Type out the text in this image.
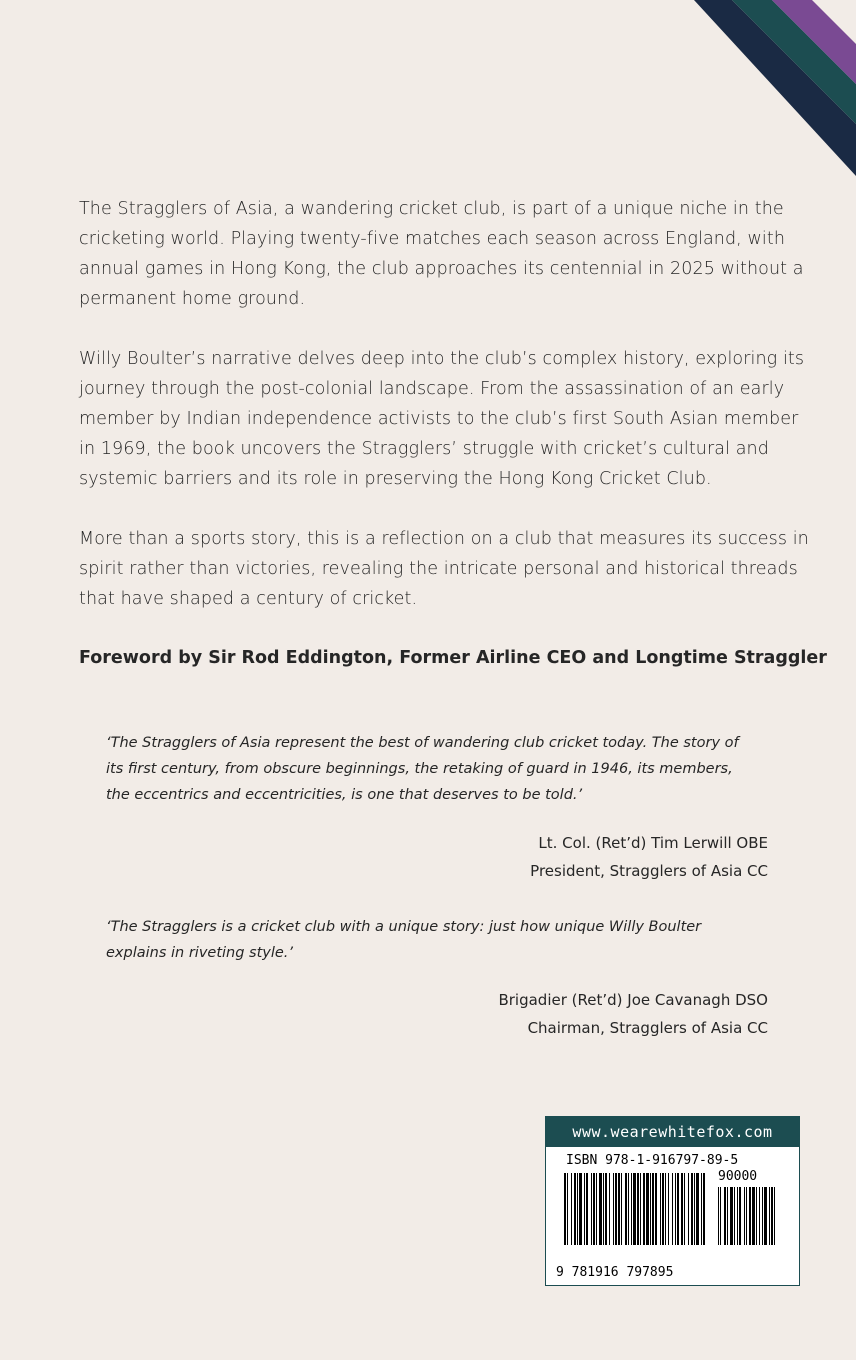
The Stragglers of Asia, a wandering cricket club, is part of a unique niche in the cricketing world. Playing twenty-five matches each season across England, with annual games in Hong Kong, the club approaches its centennial in 2025 without a permanent home ground.
Willy Boulter’s narrative delves deep into the club’s complex history, exploring its journey through the post-colonial landscape. From the assassination of an early member by Indian independence activists to the club’s first South Asian member in 1969, the book uncovers the Stragglers’ struggle with cricket’s cultural and systemic barriers and its role in preserving the Hong Kong Cricket Club.
More than a sports story, this is a reflection on a club that measures its success in spirit rather than victories, revealing the intricate personal and historical threads that have shaped a century of cricket.
Foreword by Sir Rod Eddington, Former Airline CEO and Longtime Straggler
‘The Stragglers of Asia represent the best of wandering club cricket today. The story of its first century, from obscure beginnings, the retaking of guard in 1946, its members, the eccentrics and eccentricities, is one that deserves to be told.’
Lt. Col. (Ret’d) Tim Lerwill OBE
President, Stragglers of Asia CC
‘The Stragglers is a cricket club with a unique story: just how unique Willy Boulter explains in riveting style.’
Brigadier (Ret’d) Joe Cavanagh DSO
Chairman, Stragglers of Asia CC
www.wearewhitefox.com
ISBN 978-1-916797-89-5
90000
9 781916 797895
